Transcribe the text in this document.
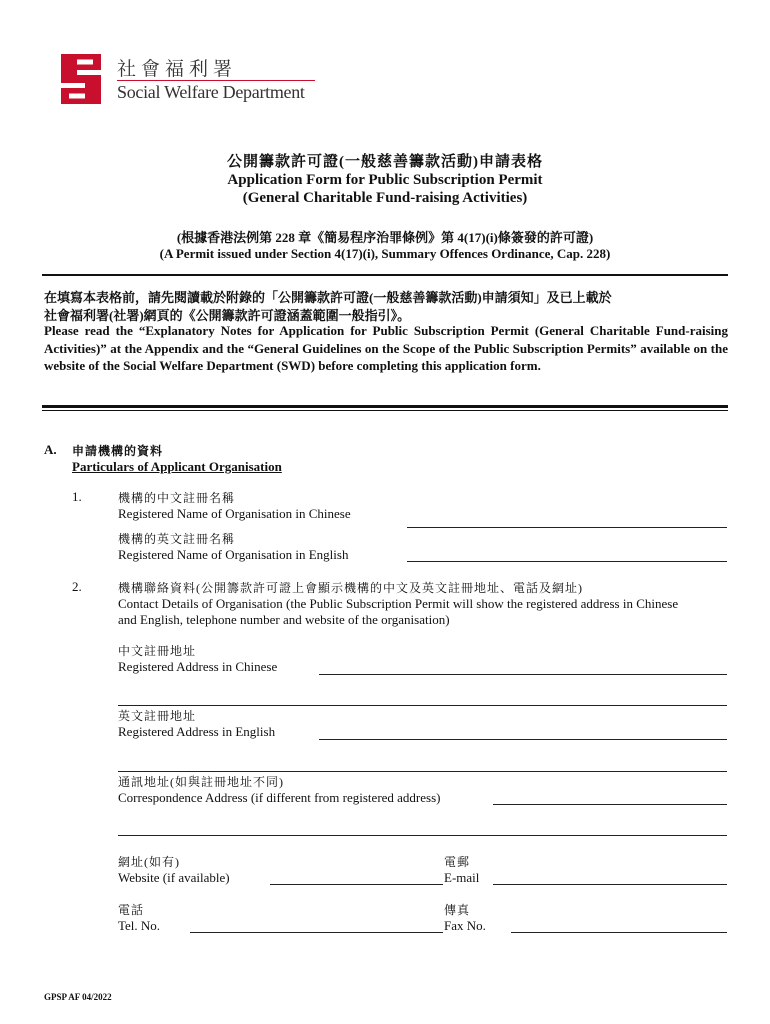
社會福利署
Social Welfare Department
公開籌款許可證(一般慈善籌款活動)申請表格
Application Form for Public Subscription Permit
(General Charitable Fund-raising Activities)
(根據香港法例第 228 章《簡易程序治罪條例》第 4(17)(i)條簽發的許可證)
(A Permit issued under Section 4(17)(i), Summary Offences Ordinance, Cap. 228)
在填寫本表格前，請先閱讀載於附錄的「公開籌款許可證(一般慈善籌款活動)申請須知」及已上載於
社會福利署(社署)網頁的《公開籌款許可證涵蓋範圍一般指引》。
Please read the “Explanatory Notes for Application for Public Subscription Permit (General Charitable Fund-raising Activities)” at the Appendix and the “General Guidelines on the Scope of the Public Subscription Permits” available on the website of the Social Welfare Department (SWD) before completing this application form.
A. 申請機構的資料
Particulars of Applicant Organisation
1.	機構的中文註冊名稱
Registered Name of Organisation in Chinese
機構的英文註冊名稱
Registered Name of Organisation in English
2.	機構聯絡資料(公開籌款許可證上會顯示機構的中文及英文註冊地址、電話及網址)
Contact Details of Organisation (the Public Subscription Permit will show the registered address in Chinese
and English, telephone number and website of the organisation)
中文註冊地址
Registered Address in Chinese
英文註冊地址
Registered Address in English
通訊地址(如與註冊地址不同)
Correspondence Address (if different from registered address)
網址(如有)
Website (if available)
電郵
E-mail
電話
Tel. No.
傳真
Fax No.
GPSP AF 04/2022
